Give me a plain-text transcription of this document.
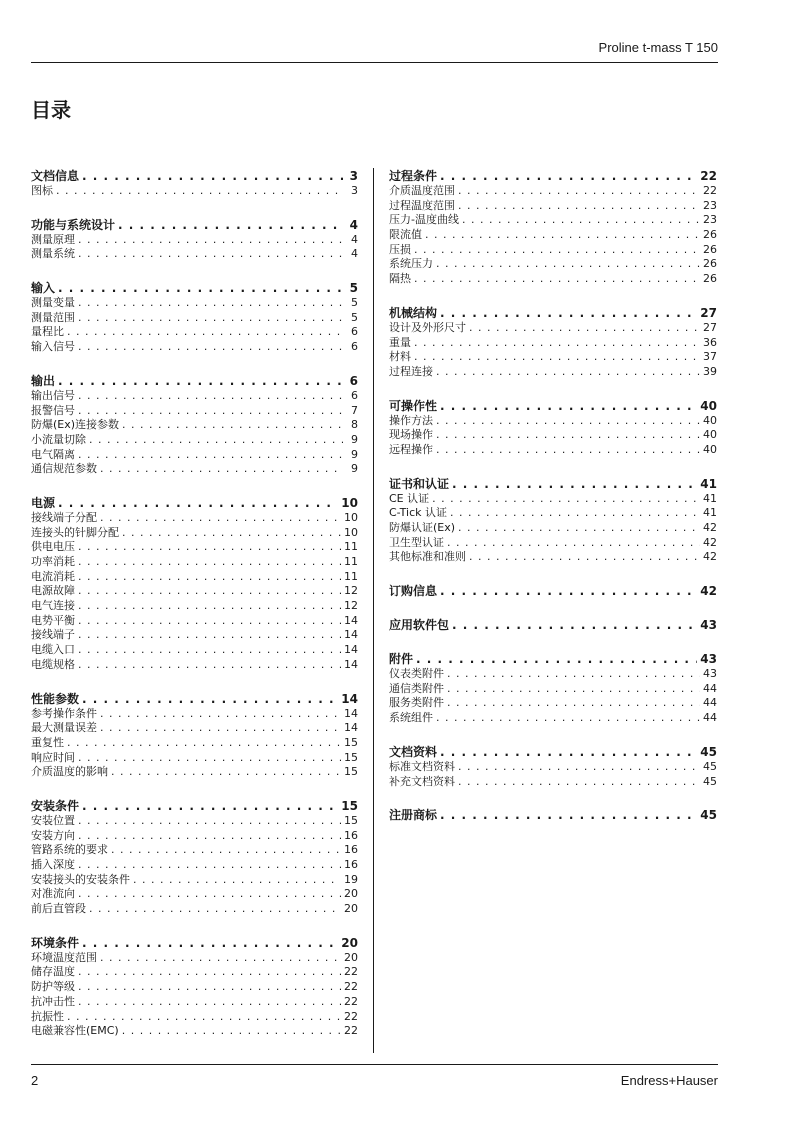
Proline t-mass T 150
目录
文档信息 . . .	3
图标 . . .	3
功能与系统设计 . . .	4
测量原理 . . .	4
测量系统 . . .	4
输入 . . .	5
测量变量 . . .	5
测量范围 . . .	5
量程比 . . .	6
输入信号 . . .	6
输出 . . .	6
输出信号 . . .	6
报警信号 . . .	7
防爆(Ex)连接参数 . . .	8
小流量切除 . . .	9
电气隔离 . . .	9
通信规范参数 . . .	9
电源 . . .	10
接线端子分配 . . .	10
连接头的针脚分配 . . .	10
供电电压 . . .	11
功率消耗 . . .	11
电流消耗 . . .	11
电源故障 . . .	12
电气连接 . . .	12
电势平衡 . . .	14
接线端子 . . .	14
电缆入口 . . .	14
电缆规格 . . .	14
性能参数 . . .	14
参考操作条件 . . .	14
最大测量误差 . . .	14
重复性 . . .	15
响应时间 . . .	15
介质温度的影响 . . .	15
安装条件 . . .	15
安装位置 . . .	15
安装方向 . . .	16
管路系统的要求 . . .	16
插入深度 . . .	16
安装接头的安装条件 . . .	19
对准流向 . . .	20
前后直管段 . . .	20
环境条件 . . .	20
环境温度范围 . . .	20
储存温度 . . .	22
防护等级 . . .	22
抗冲击性 . . .	22
抗振性 . . .	22
电磁兼容性(EMC) . . .	22
过程条件 . . .	22
介质温度范围 . . .	22
过程温度范围 . . .	23
压力-温度曲线 . . .	23
限流值 . . .	26
压损 . . .	26
系统压力 . . .	26
隔热 . . .	26
机械结构 . . .	27
设计及外形尺寸 . . .	27
重量 . . .	36
材料 . . .	37
过程连接 . . .	39
可操作性 . . .	40
操作方法 . . .	40
现场操作 . . .	40
远程操作 . . .	40
证书和认证 . . .	41
CE 认证 . . .	41
C-Tick 认证 . . .	41
防爆认证(Ex) . . .	42
卫生型认证 . . .	42
其他标准和准则 . . .	42
订购信息 . . .	42
应用软件包 . . .	43
附件 . . .	43
仪表类附件 . . .	43
通信类附件 . . .	44
服务类附件 . . .	44
系统组件 . . .	44
文档资料 . . .	45
标准文档资料 . . .	45
补充文档资料 . . .	45
注册商标 . . .	45
2	Endress+Hauser
